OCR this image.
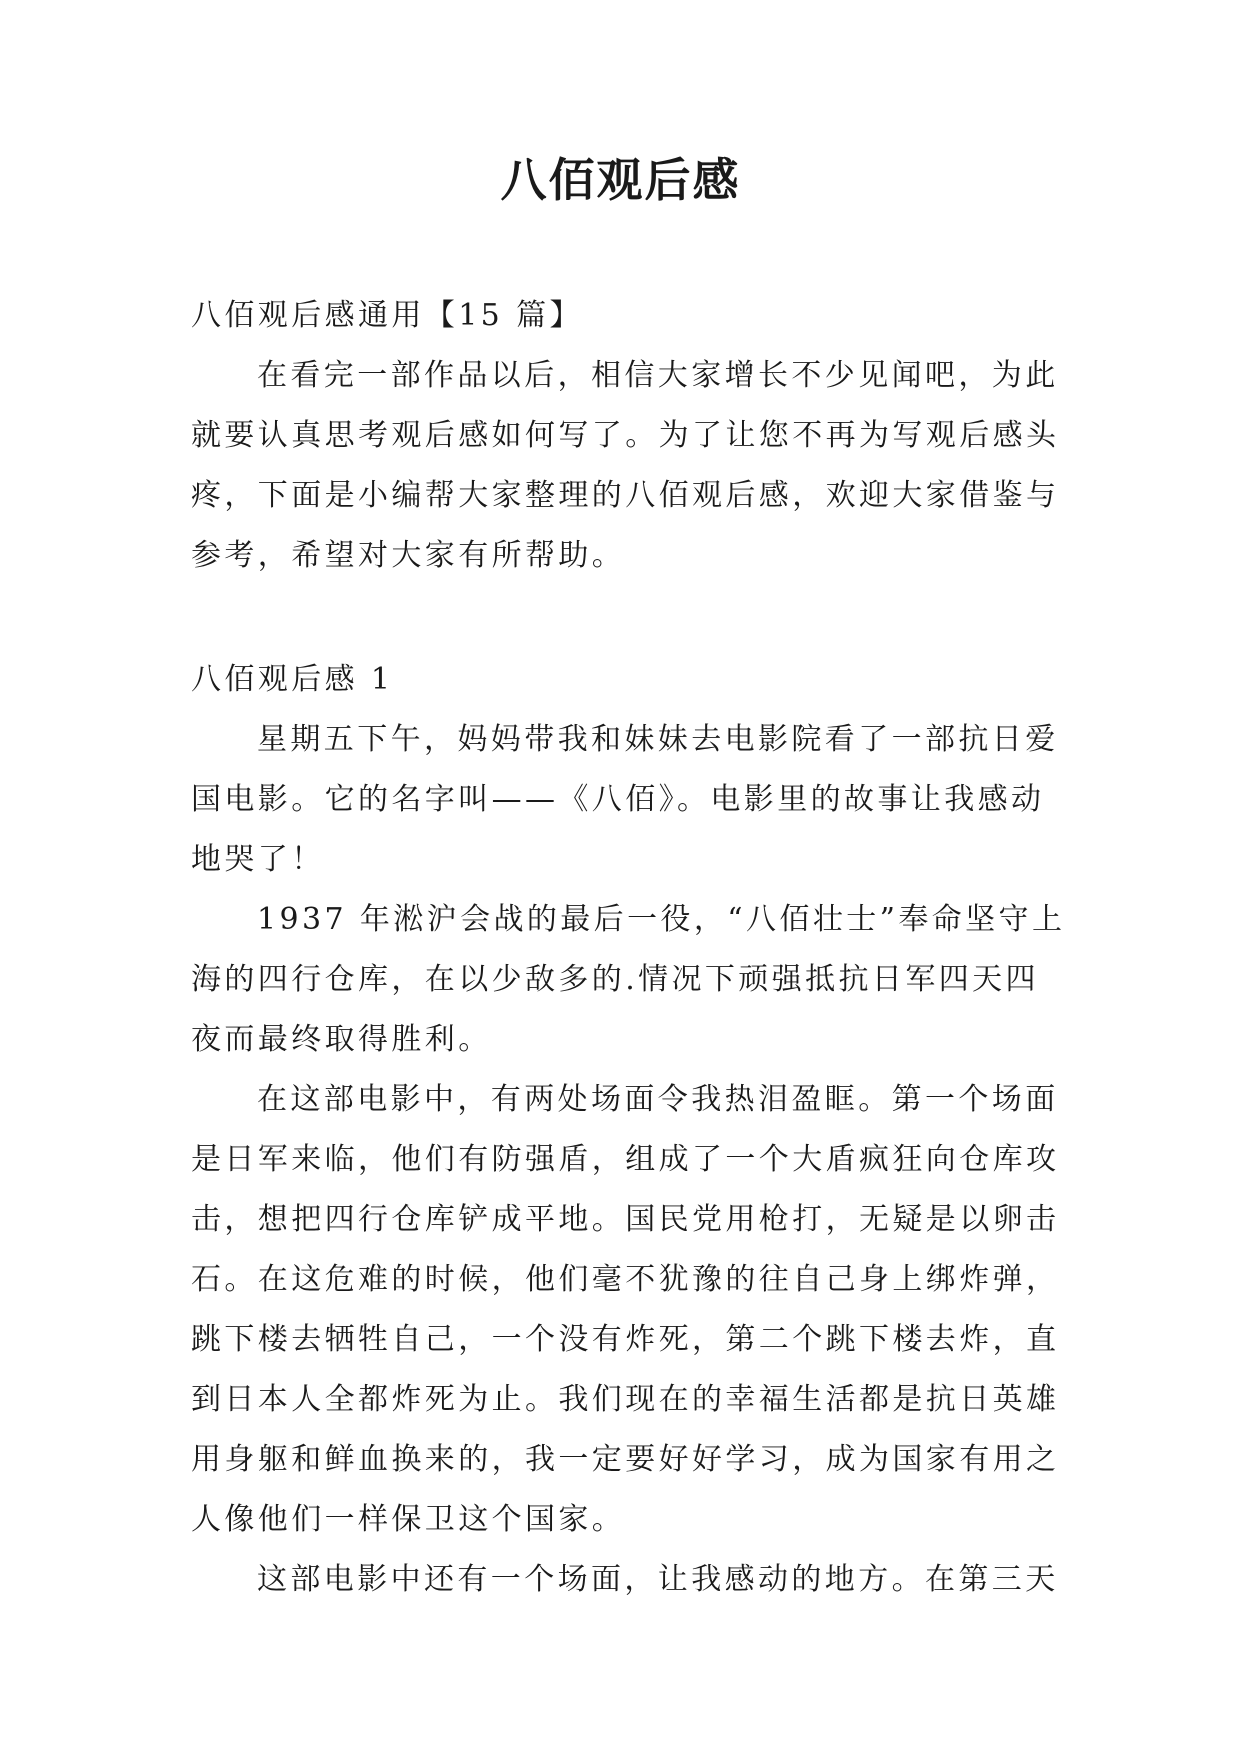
八佰观后感
八佰观后感通用【15 篇】
在看完一部作品以后，相信大家增长不少见闻吧，为此
就要认真思考观后感如何写了。为了让您不再为写观后感头
疼，下面是小编帮大家整理的八佰观后感，欢迎大家借鉴与
参考，希望对大家有所帮助。
八佰观后感 1
星期五下午，妈妈带我和妹妹去电影院看了一部抗日爱
国电影。它的名字叫——《八佰》。电影里的故事让我感动
地哭了！
1937 年淞沪会战的最后一役，“八佰壮士”奉命坚守上
海的四行仓库，在以少敌多的.情况下顽强抵抗日军四天四
夜而最终取得胜利。
在这部电影中，有两处场面令我热泪盈眶。第一个场面
是日军来临，他们有防强盾，组成了一个大盾疯狂向仓库攻
击，想把四行仓库铲成平地。国民党用枪打，无疑是以卵击
石。在这危难的时候，他们毫不犹豫的往自己身上绑炸弹，
跳下楼去牺牲自己，一个没有炸死，第二个跳下楼去炸，直
到日本人全都炸死为止。我们现在的幸福生活都是抗日英雄
用身躯和鲜血换来的，我一定要好好学习，成为国家有用之
人像他们一样保卫这个国家。
这部电影中还有一个场面，让我感动的地方。在第三天
